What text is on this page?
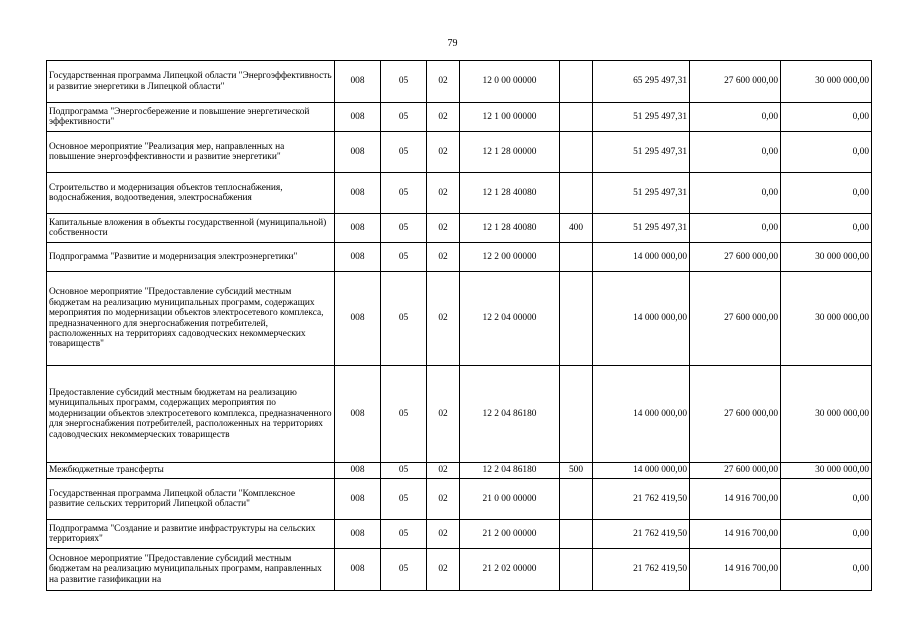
79
Государственная программа Липецкой области "Энергоэффективность и развитие энергетики в Липецкой области"	008	05	02	12 0 00 00000		65 295 497,31	27 600 000,00	30 000 000,00
Подпрограмма "Энергосбережение и повышение энергетической эффективности"	008	05	02	12 1 00 00000		51 295 497,31	0,00	0,00
Основное мероприятие "Реализация мер, направленных на повышение энергоэффективности и развитие энергетики"	008	05	02	12 1 28 00000		51 295 497,31	0,00	0,00
Строительство и модернизация объектов теплоснабжения, водоснабжения, водоотведения, электроснабжения	008	05	02	12 1 28 40080		51 295 497,31	0,00	0,00
Капитальные вложения в объекты государственной (муниципальной) собственности	008	05	02	12 1 28 40080	400	51 295 497,31	0,00	0,00
Подпрограмма "Развитие и модернизация электроэнергетики"	008	05	02	12 2 00 00000		14 000 000,00	27 600 000,00	30 000 000,00
Основное мероприятие "Предоставление субсидий местным бюджетам на реализацию муниципальных программ, содержащих мероприятия по модернизации объектов электросетевого комплекса, предназначенного для энергоснабжения потребителей, расположенных на территориях садоводческих некоммерческих товариществ"	008	05	02	12 2 04 00000		14 000 000,00	27 600 000,00	30 000 000,00
Предоставление субсидий местным бюджетам на реализацию муниципальных программ, содержащих мероприятия по модернизации объектов электросетевого комплекса, предназначенного для энергоснабжения потребителей, расположенных на территориях садоводческих некоммерческих товариществ	008	05	02	12 2 04 86180		14 000 000,00	27 600 000,00	30 000 000,00
Межбюджетные трансферты	008	05	02	12 2 04 86180	500	14 000 000,00	27 600 000,00	30 000 000,00
Государственная программа Липецкой области "Комплексное развитие сельских территорий Липецкой области"	008	05	02	21 0 00 00000		21 762 419,50	14 916 700,00	0,00
Подпрограмма "Создание и развитие инфраструктуры на сельских территориях"	008	05	02	21 2 00 00000		21 762 419,50	14 916 700,00	0,00
Основное мероприятие "Предоставление субсидий местным бюджетам на реализацию муниципальных программ, направленных на развитие газификации на	008	05	02	21 2 02 00000		21 762 419,50	14 916 700,00	0,00
